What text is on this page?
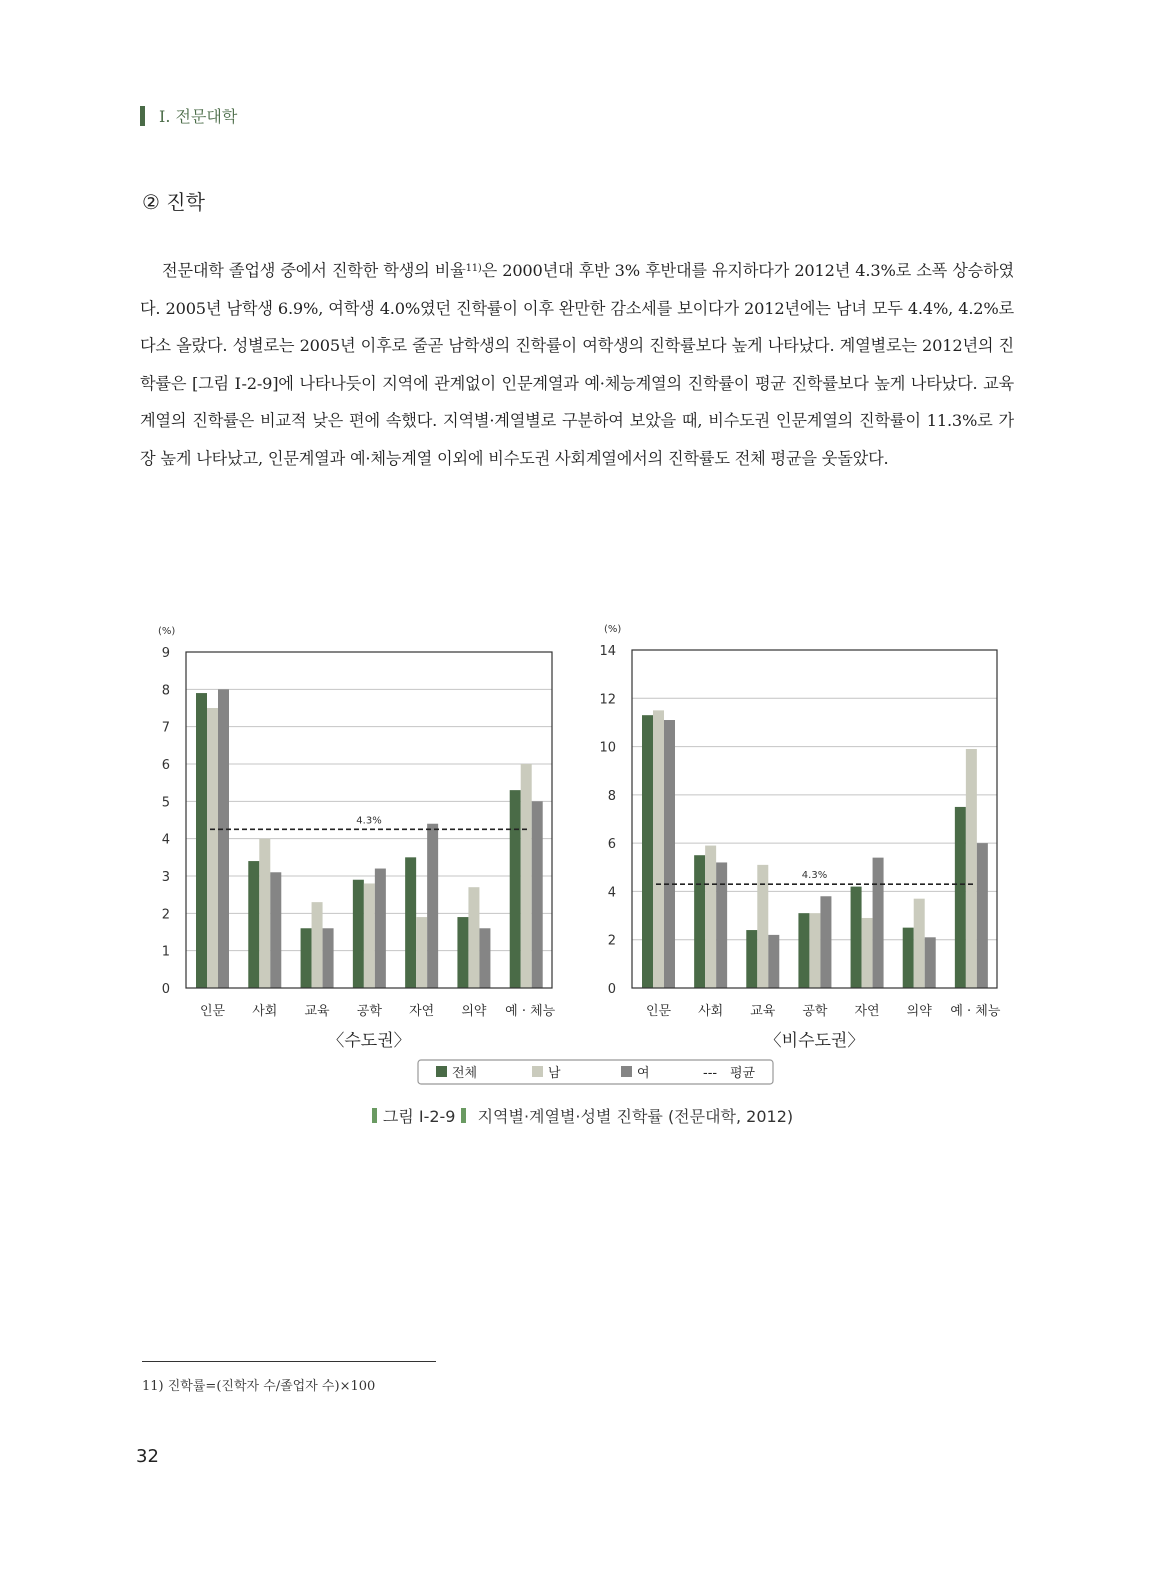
Ⅰ. 전문대학
② 진학
전문대학 졸업생 중에서 진학한 학생의 비율$^{11)}$은 2000년대 후반 3% 후반대를 유지하다가 2012년 4.3%로 소폭 상승하였다. 2005년 남학생 6.9%, 여학생 4.0%였던 진학률이 이후 완만한 감소세를 보이다가 2012년에는 남녀 모두 4.4%, 4.2%로 다소 올랐다. 성별로는 2005년 이후로 줄곧 남학생의 진학률이 여학생의 진학률보다 높게 나타났다. 계열별로는 2012년의 진학률은 [그림 Ⅰ-2-9]에 나타나듯이 지역에 관계없이 인문계열과 예·체능계열의 진학률이 평균 진학률보다 높게 나타났다. 교육계열의 진학률은 비교적 낮은 편에 속했다. 지역별·계열별로 구분하여 보았을 때, 비수도권 인문계열의 진학률이 11.3%로 가장 높게 나타났고, 인문계열과 예·체능계열 이외에 비수도권 사회계열에서의 진학률도 전체 평균을 웃돌았다.
0
1
2
3
4
5
6
7
8
9
(%)
인문 사회 교육 공학 자연 의약 예 · 체능
4.3%
〈수도권〉
0
2
4
6
8
10
12
14
(%)
인문 사회 교육 공학 자연 의약 예 · 체능
4.3%
〈비수도권〉
전체	남	여	--- 평균
그림 Ⅰ-2-9 지역별·계열별·성별 진학률 (전문대학, 2012)
11) 진학률=(진학자 수/졸업자 수)×100
32
